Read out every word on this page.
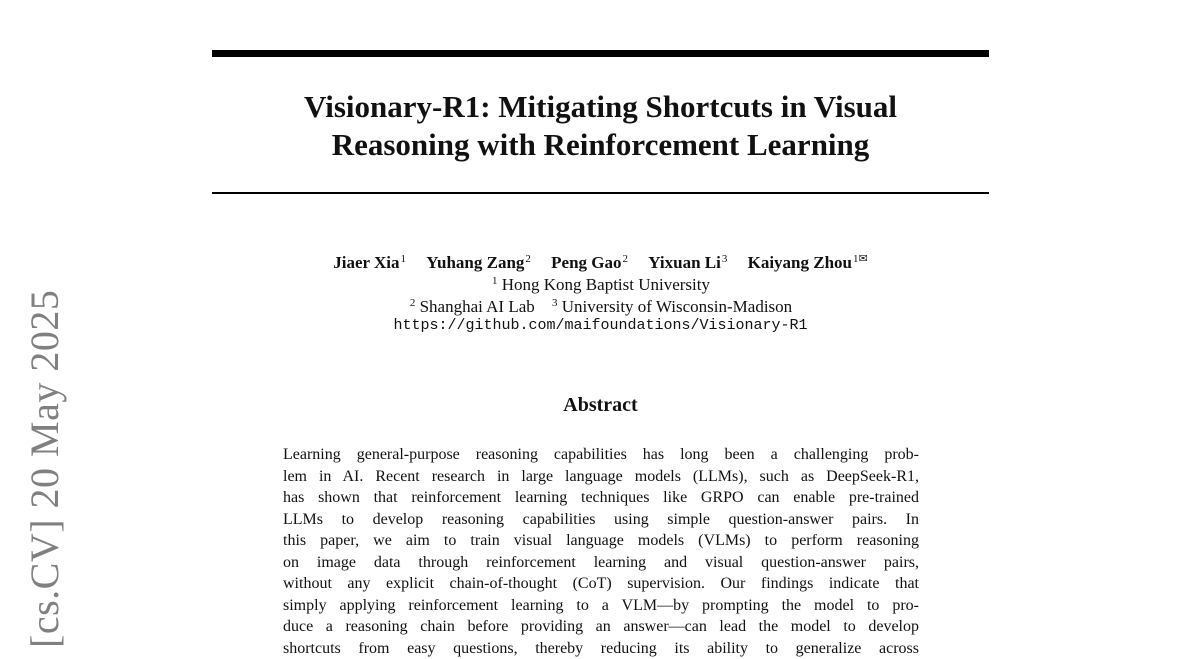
Visionary-R1: Mitigating Shortcuts in Visual
Reasoning with Reinforcement Learning
Jiaer Xia$^1$ Yuhang Zang$^2$ Peng Gao$^2$ Yixuan Li$^3$ Kaiyang Zhou$^{1✉}$
$^1$ Hong Kong Baptist University
$^2$ Shanghai AI Lab $^3$ University of Wisconsin-Madison
https://github.com/maifoundations/Visionary-R1
Abstract
Learning general-purpose reasoning capabilities has long been a challenging prob-
lem in AI. Recent research in large language models (LLMs), such as DeepSeek-R1,
has shown that reinforcement learning techniques like GRPO can enable pre-trained
LLMs to develop reasoning capabilities using simple question-answer pairs. In
this paper, we aim to train visual language models (VLMs) to perform reasoning
on image data through reinforcement learning and visual question-answer pairs,
without any explicit chain-of-thought (CoT) supervision. Our findings indicate that
simply applying reinforcement learning to a VLM—by prompting the model to pro-
duce a reasoning chain before providing an answer—can lead the model to develop
shortcuts from easy questions, thereby reducing its ability to generalize across
[cs.CV] 20 May 2025
